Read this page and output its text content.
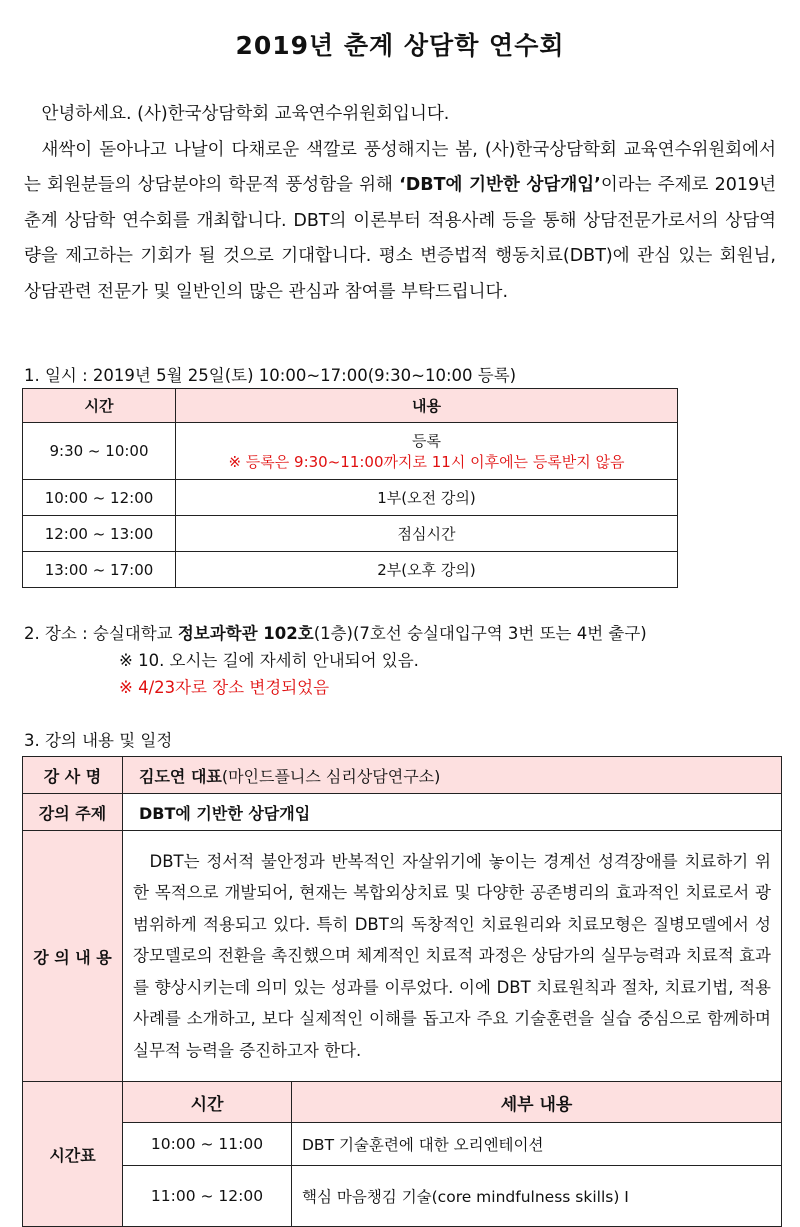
2019년 춘계 상담학 연수회

안녕하세요. (사)한국상담학회 교육연수위원회입니다.

새싹이 돋아나고 나날이 다채로운 색깔로 풍성해지는 봄, (사)한국상담학회 교육연수위원회에서는 회원분들의 상담분야의 학문적 풍성함을 위해 ‘DBT에 기반한 상담개입’이라는 주제로 2019년 춘계 상담학 연수회를 개최합니다. DBT의 이론부터 적용사례 등을 통해 상담전문가로서의 상담역량을 제고하는 기회가 될 것으로 기대합니다. 평소 변증법적 행동치료(DBT)에 관심 있는 회원님, 상담관련 전문가 및 일반인의 많은 관심과 참여를 부탁드립니다.

1. 일시 : 2019년 5월 25일(토) 10:00~17:00(9:30~10:00 등록)
시간	내용
9:30 ~ 10:00	등록
※ 등록은 9:30~11:00까지로 11시 이후에는 등록받지 않음

10:00 ~ 12:00	1부(오전 강의)
12:00 ~ 13:00	점심시간
13:00 ~ 17:00	2부(오후 강의)
2. 장소 : 숭실대학교 정보과학관 102호(1층)(7호선 숭실대입구역 3번 또는 4번 출구)
※ 10. 오시는 길에 자세히 안내되어 있음.
※ 4/23자로 장소 변경되었음
3. 강의 내용 및 일정
강 사 명	김도연 대표(마인드플니스 심리상담연구소)	
강의 주제	DBT에 기반한 상담개입	
강 의 내 용	DBT는 정서적 불안정과 반복적인 자살위기에 놓이는 경계선 성격장애를 치료하기 위한 목적으로 개발되어, 현재는 복합외상치료 및 다양한 공존병리의 효과적인 치료로서 광범위하게 적용되고 있다. 특히 DBT의 독창적인 치료원리와 치료모형은 질병모델에서 성장모델로의 전환을 촉진했으며 체계적인 치료적 과정은 상담가의 실무능력과 치료적 효과를 향상시키는데 의미 있는 성과를 이루었다. 이에 DBT 치료원칙과 절차, 치료기법, 적용사례를 소개하고, 보다 실제적인 이해를 돕고자 주요 기술훈련을 실습 중심으로 함께하며 실무적 능력을 증진하고자 한다.	
시간표	시간	세부 내용
	10:00 ~ 11:00	DBT 기술훈련에 대한 오리엔테이션
	11:00 ~ 12:00	핵심 마음챙김 기술(core mindfulness skills) Ⅰ
